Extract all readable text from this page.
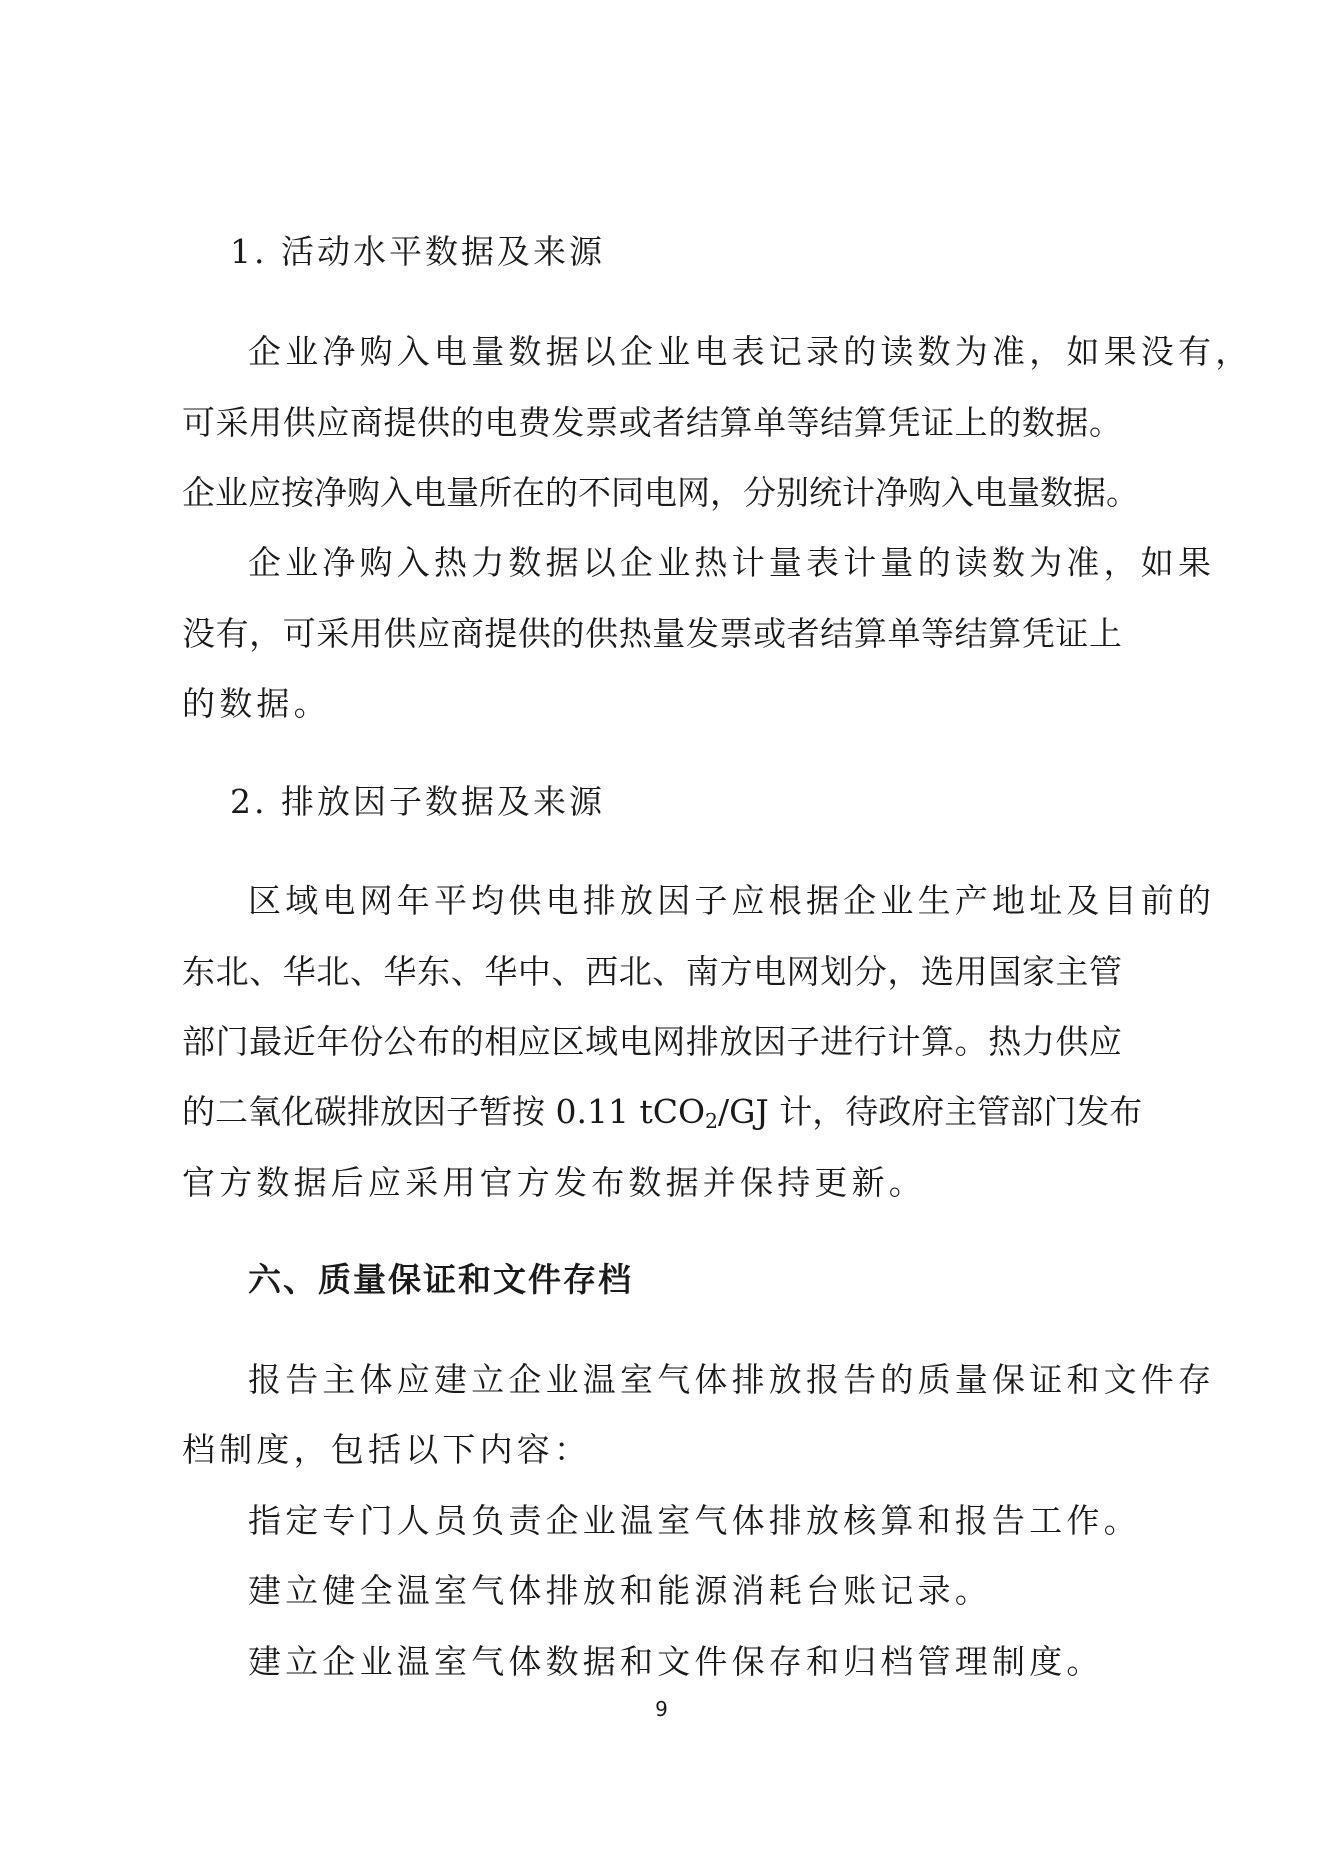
1. 活动水平数据及来源
企业净购入电量数据以企业电表记录的读数为准，如果没有，
可采用供应商提供的电费发票或者结算单等结算凭证上的数据。
企业应按净购入电量所在的不同电网，分别统计净购入电量数据。
企业净购入热力数据以企业热计量表计量的读数为准，如果
没有，可采用供应商提供的供热量发票或者结算单等结算凭证上
的数据。
2. 排放因子数据及来源
区域电网年平均供电排放因子应根据企业生产地址及目前的
东北、华北、华东、华中、西北、南方电网划分，选用国家主管
部门最近年份公布的相应区域电网排放因子进行计算。热力供应
的二氧化碳排放因子暂按 0.11 tCO$_2$/GJ 计，待政府主管部门发布
官方数据后应采用官方发布数据并保持更新。
六、质量保证和文件存档
报告主体应建立企业温室气体排放报告的质量保证和文件存
档制度，包括以下内容：
指定专门人员负责企业温室气体排放核算和报告工作。
建立健全温室气体排放和能源消耗台账记录。
建立企业温室气体数据和文件保存和归档管理制度。
9
